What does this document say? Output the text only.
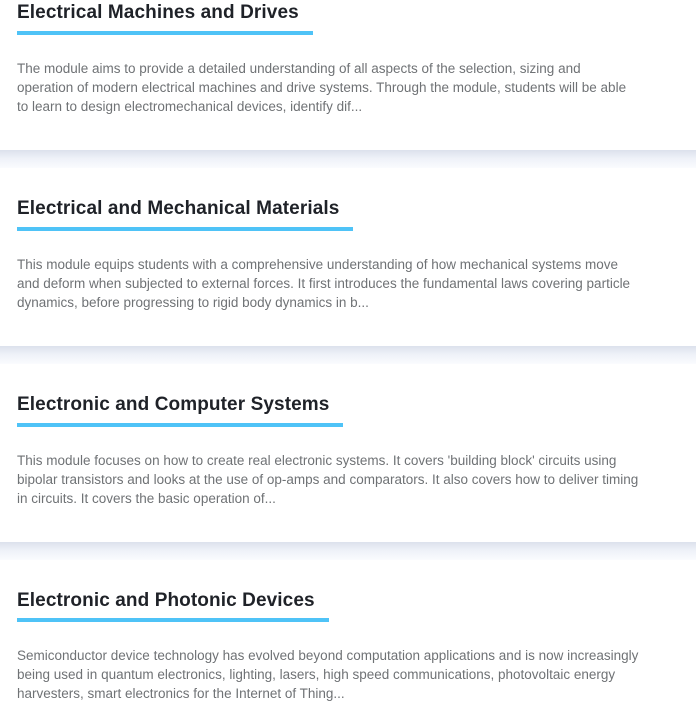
Electrical Machines and Drives

The module aims to provide a detailed understanding of all aspects of the selection, sizing and operation of modern electrical machines and drive systems. Through the module, students will be able to learn to design electromechanical devices, identify dif...

Electrical and Mechanical Materials

This module equips students with a comprehensive understanding of how mechanical systems move and deform when subjected to external forces. It first introduces the fundamental laws covering particle dynamics, before progressing to rigid body dynamics in b...

Electronic and Computer Systems

This module focuses on how to create real electronic systems. It covers 'building block' circuits using bipolar transistors and looks at the use of op-amps and comparators. It also covers how to deliver timing in circuits. It covers the basic operation of...

Electronic and Photonic Devices

Semiconductor device technology has evolved beyond computation applications and is now increasingly being used in quantum electronics, lighting, lasers, high speed communications, photovoltaic energy harvesters, smart electronics for the Internet of Thing...
